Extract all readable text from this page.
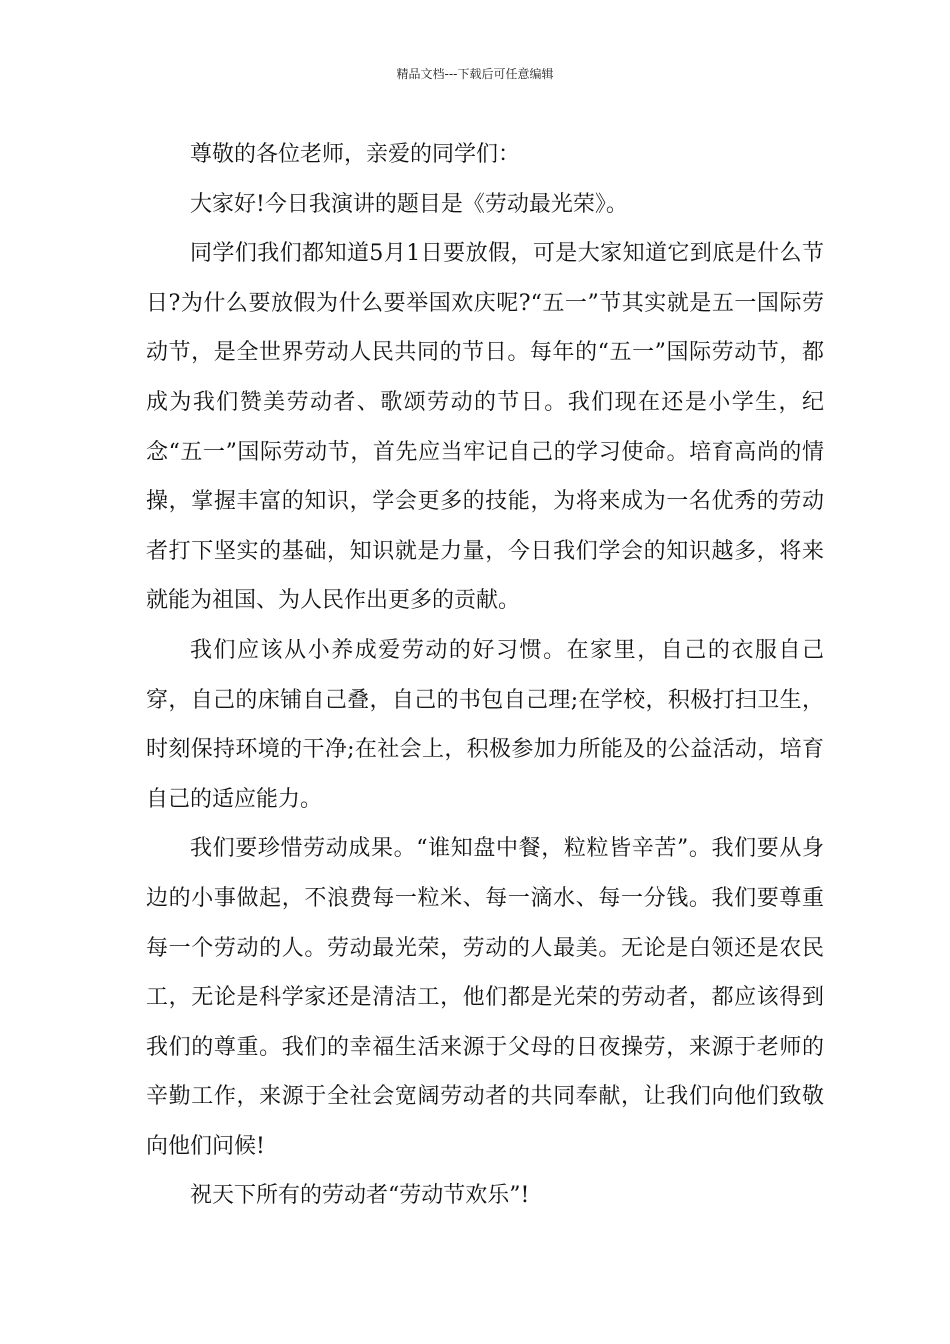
精品文档---下载后可任意编辑

尊敬的各位老师，亲爱的同学们：

大家好!今日我演讲的题目是《劳动最光荣》。

同学们我们都知道5月1日要放假，可是大家知道它到底是什么节日?为什么要放假为什么要举国欢庆呢?“五一”节其实就是五一国际劳动节，是全世界劳动人民共同的节日。每年的“五一”国际劳动节，都成为我们赞美劳动者、歌颂劳动的节日。我们现在还是小学生，纪念“五一”国际劳动节，首先应当牢记自己的学习使命。培育高尚的情操，掌握丰富的知识，学会更多的技能，为将来成为一名优秀的劳动者打下坚实的基础，知识就是力量，今日我们学会的知识越多，将来就能为祖国、为人民作出更多的贡献。

我们应该从小养成爱劳动的好习惯。在家里，自己的衣服自己穿，自己的床铺自己叠，自己的书包自己理;在学校，积极打扫卫生，时刻保持环境的干净;在社会上，积极参加力所能及的公益活动，培育自己的适应能力。

我们要珍惜劳动成果。“谁知盘中餐，粒粒皆辛苦”。我们要从身边的小事做起，不浪费每一粒米、每一滴水、每一分钱。我们要尊重每一个劳动的人。劳动最光荣，劳动的人最美。无论是白领还是农民工，无论是科学家还是清洁工，他们都是光荣的劳动者，都应该得到我们的尊重。我们的幸福生活来源于父母的日夜操劳，来源于老师的辛勤工作，来源于全社会宽阔劳动者的共同奉献，让我们向他们致敬向他们问候!

祝天下所有的劳动者“劳动节欢乐”!
